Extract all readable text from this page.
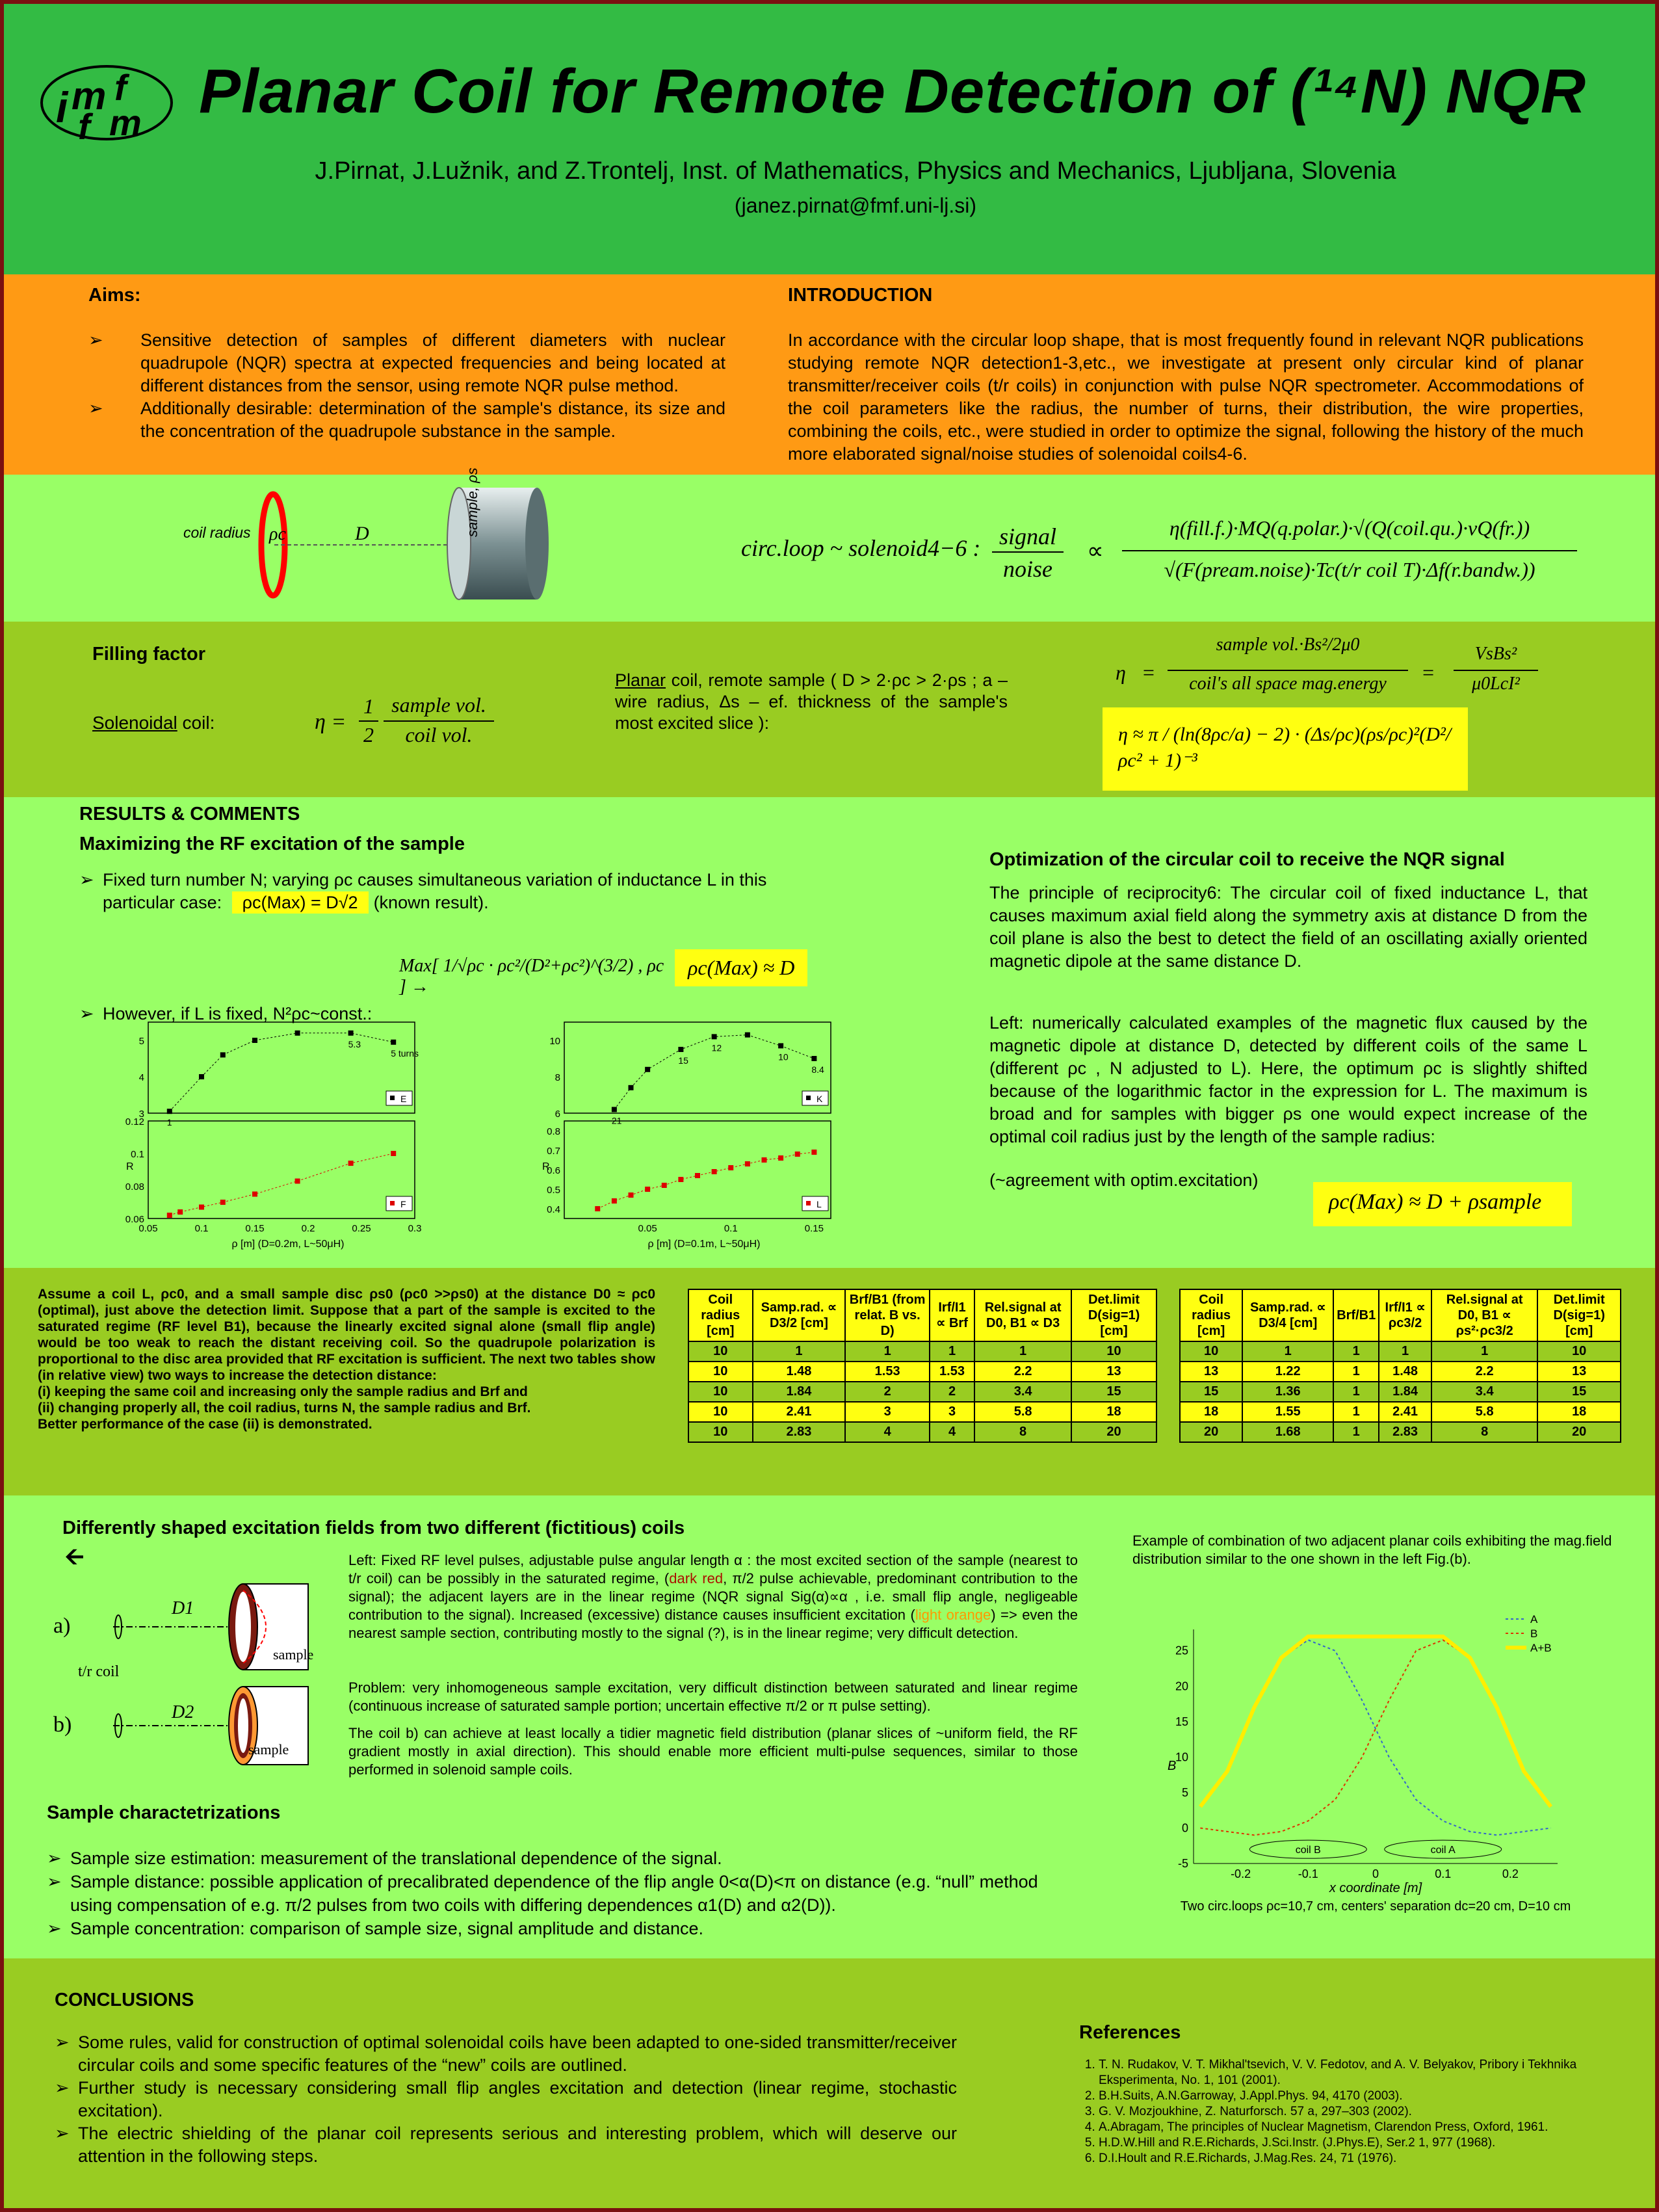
i m f
m
f
Planar Coil for Remote Detection of (¹⁴N) NQR
J.Pirnat, J.Lužnik, and Z.Trontelj, Inst. of Mathematics, Physics and Mechanics, Ljubljana, Slovenia
(janez.pirnat@fmf.uni-lj.si)
Aims:
➢ Sensitive detection of samples of different diameters with nuclear quadrupole (NQR) spectra at expected frequencies and being located at different distances from the sensor, using remote NQR pulse method.
➢ Additionally desirable: determination of the sample's distance, its size and the concentration of the quadrupole substance in the sample.
INTRODUCTION
In accordance with the circular loop shape, that is most frequently found in relevant NQR publications studying remote NQR detection1-3,etc., we investigate at present only circular kind of planar transmitter/receiver coils (t/r coils) in conjunction with pulse NQR spectrometer. Accommodations of the coil parameters like the radius, the number of turns, their distribution, the wire properties, combining the coils, etc., were studied in order to optimize the signal, following the history of the much more elaborated signal/noise studies of solenoidal coils4-6.
coil radius ρc	D	sample, ρs
circ.loop ~ solenoid4−6 : signal
noise
∝
η(fill.f.)·MQ(q.polar.)·√(Q(coil.qu.)·νQ(fr.))
√(F(pream.noise)·Tc(t/r coil T)·Δf(r.bandw.))
Filling factor
Solenoidal coil:	η =
1
2
sample vol.
coil vol.
Planar coil, remote sample ( D > 2·ρc > 2·ρs ; a – wire radius, Δs – ef. thickness of the sample's most excited slice ):
η   =
sample vol.·Bs²/2μ0
coil's all space mag.energy	=
VsBs²
μ0LcI²
η ≈ π / (ln(8ρc/a) − 2) · (Δs/ρc)(ρs/ρc)²(D²/ρc² + 1)⁻³
RESULTS & COMMENTS
Maximizing the RF excitation of the sample
➢ Fixed turn number N; varying ρc causes simultaneous variation of inductance L in this particular case: ρc(Max) = D√2 (known result).
➢ However, if L is fixed, N²ρc~const.:
Max[ 1/√ρc · ρc²/(D²+ρc²)^(3/2) , ρc ] →
ρc(Max) ≈ D
3
4
5
1
5.3
5 turns
E
0.06
0.08
0.1
0.12
0.05	0.1	0.15	0.2	0.25	0.3
F
R
ρ [m] (D=0.2m, L~50μH)
6
8
10
21
15
12
10
8.4
K
0.4
0.5
0.6
0.7
0.8
0.05	0.1	0.15
L
R
ρ [m] (D=0.1m, L~50μH)
Optimization of the circular coil to receive the NQR signal
The principle of reciprocity6: The circular coil of fixed inductance L, that causes maximum axial field along the symmetry axis at distance D from the coil plane is also the best to detect the field of an oscillating axially oriented magnetic dipole at the same distance D.
Left: numerically calculated examples of the magnetic flux caused by the magnetic dipole at distance D, detected by different coils of the same L (different ρc , N adjusted to L). Here, the optimum ρc is slightly shifted because of the logarithmic factor in the expression for L. The maximum is broad and for samples with bigger ρs one would expect increase of the optimal coil radius just by the length of the sample radius:
(~agreement with optim.excitation)
ρc(Max) ≈ D + ρsample
Assume a coil L, ρc0, and a small sample disc ρs0 (ρc0 >>ρs0) at the distance D0 ≈ ρc0 (optimal), just above the detection limit. Suppose that a part of the sample is excited to the saturated regime (RF level B1), because the linearly excited signal alone (small flip angle) would be too weak to reach the distant receiving coil. So the quadrupole polarization is proportional to the disc area provided that RF excitation is sufficient. The next two tables show (in relative view) two ways to increase the detection distance:
(i) keeping the same coil and increasing only the sample radius and Brf and
(ii) changing properly all, the coil radius, turns N, the sample radius and Brf.
Better performance of the case (ii) is demonstrated.
Coil radius [cm]	Samp.rad. ∝ D3/2 [cm]	Brf/B1 (from relat. B vs. D)	Irf/I1 ∝ Brf	Rel.signal at D0, B1 ∝ D3	Det.limit D(sig=1) [cm]
10	1	1	1	1	10
10	1.48	1.53	1.53	2.2	13
10	1.84	2	2	3.4	15
10	2.41	3	3	5.8	18
10	2.83	4	4	8	20
Coil radius [cm]	Samp.rad. ∝ D3/4 [cm]	Brf/B1	Irf/I1 ∝ ρc3/2	Rel.signal at D0, B1 ∝ ρs²·ρc3/2	Det.limit D(sig=1) [cm]
10	1	1	1	1	10
13	1.22	1	1.48	2.2	13
15	1.36	1	1.84	3.4	15
18	1.55	1	2.41	5.8	18
20	1.68	1	2.83	8	20
Differently shaped excitation fields from two different (fictitious) coils
🡨
a)
b)
D1
D2
t/r coil
sample
sample
Left: Fixed RF level pulses, adjustable pulse angular length α : the most excited section of the sample (nearest to t/r coil) can be possibly in the saturated regime, (dark red, π/2 pulse achievable, predominant contribution to the signal); the adjacent layers are in the linear regime (NQR signal Sig(α)∝α , i.e. small flip angle, negligeable contribution to the signal). Increased (excessive) distance causes insufficient excitation (light orange) => even the nearest sample section, contributing mostly to the signal (?), is in the linear regime; very difficult detection.
Problem: very inhomogeneous sample excitation, very difficult distinction between saturated and linear regime (continuous increase of saturated sample portion; uncertain effective π/2 or π pulse setting).
The coil b) can achieve at least locally a tidier magnetic field distribution (planar slices of ~uniform field, the RF gradient mostly in axial direction). This should enable more efficient multi-pulse sequences, similar to those performed in solenoid sample coils.
Example of combination of two adjacent planar coils exhibiting the mag.field distribution similar to the one shown in the left Fig.(b).
-5
0
5
10
15
20
25
-0.2	-0.1	0	0.1	0.2
A
B
A+B
coil B	coil A
B
x coordinate [m]
Two circ.loops ρc=10,7 cm, centers' separation dc=20 cm, D=10 cm
Sample charactetrizations
➢ Sample size estimation: measurement of the translational dependence of the signal.
➢ Sample distance: possible application of precalibrated dependence of the flip angle 0<α(D)<π on distance (e.g. “null” method using compensation of e.g. π/2 pulses from two coils with differing dependences α1(D) and α2(D)).
➢ Sample concentration: comparison of sample size, signal amplitude and distance.
CONCLUSIONS
➢ Some rules, valid for construction of optimal solenoidal coils have been adapted to one-sided transmitter/receiver circular coils and some specific features of the “new” coils are outlined.
➢ Further study is necessary considering small flip angles excitation and detection (linear regime, stochastic excitation).
➢ The electric shielding of the planar coil represents serious and interesting problem, which will deserve our attention in the following steps.
References
1. T. N. Rudakov, V. T. Mikhal'tsevich, V. V. Fedotov, and A. V. Belyakov, Pribory i Tekhnika Eksperimenta, No. 1, 101 (2001).
2. B.H.Suits, A.N.Garroway, J.Appl.Phys. 94, 4170 (2003).
3. G. V. Mozjoukhine, Z. Naturforsch. 57 a, 297–303 (2002).
4. A.Abragam, The principles of Nuclear Magnetism, Clarendon Press, Oxford, 1961.
5. H.D.W.Hill and R.E.Richards, J.Sci.Instr. (J.Phys.E), Ser.2 1, 977 (1968).
6. D.I.Hoult and R.E.Richards, J.Mag.Res. 24, 71 (1976).
